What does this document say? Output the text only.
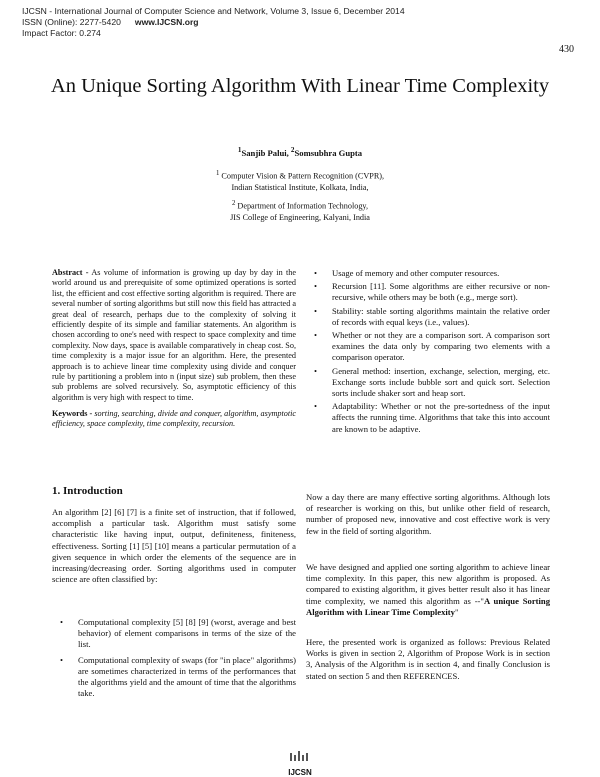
IJCSN - International Journal of Computer Science and Network, Volume 3, Issue 6, December 2014
ISSN (Online): 2277-5420 www.IJCSN.org
Impact Factor: 0.274
430
An Unique Sorting Algorithm With Linear Time Complexity
$^1$Sanjib Palui, $^2$Somsubhra Gupta
$^1$ Computer Vision & Pattern Recognition (CVPR),
Indian Statistical Institute, Kolkata, India,
$^2$ Department of Information Technology,
JIS College of Engineering, Kalyani, India
Abstract - As volume of information is growing up day by day in the world around us and prerequisite of some optimized operations is sorted list, the efficient and cost effective sorting algorithm is required. There are several number of sorting algorithms but still now this field has attracted a great deal of research, perhaps due to the complexity of solving it efficiently despite of its simple and familiar statements. An algorithm is chosen according to one's need with respect to space complexity and time complexity. Now days, space is available comparatively in cheap cost. So, time complexity is a major issue for an algorithm. Here, the presented approach is to achieve linear time complexity using divide and conquer rule by partitioning a problem into n (input size) sub problem, then these sub problems are solved recursively. So, asymptotic efficiency of this algorithm is very high with respect to time.
Keywords - sorting, searching, divide and conquer, algorithm, asymptotic efficiency, space complexity, time complexity, recursion.
1. Introduction
An algorithm [2] [6] [7] is a finite set of instruction, that if followed, accomplish a particular task. Algorithm must satisfy some characteristic like having input, output, definiteness, finiteness, effectiveness. Sorting [1] [5] [10] means a particular permutation of a given sequence in which order the elements of the sequence are in increasing/decreasing order. Sorting algorithms used in computer science are often classified by:
• Computational complexity [5] [8] [9] (worst, average and best behavior) of element comparisons in terms of the size of the list.
• Computational complexity of swaps (for "in place" algorithms) are sometimes characterized in terms of the performances that the algorithms yield and the amount of time that the algorithms take.
• Usage of memory and other computer resources.
• Recursion [11]. Some algorithms are either recursive or non-recursive, while others may be both (e.g., merge sort).
• Stability: stable sorting algorithms maintain the relative order of records with equal keys (i.e., values).
• Whether or not they are a comparison sort. A comparison sort examines the data only by comparing two elements with a comparison operator.
• General method: insertion, exchange, selection, merging, etc. Exchange sorts include bubble sort and quick sort. Selection sorts include shaker sort and heap sort.
• Adaptability: Whether or not the pre-sortedness of the input affects the running time. Algorithms that take this into account are known to be adaptive.
Now a day there are many effective sorting algorithms. Although lots of researcher is working on this, but unlike other field of research, number of proposed new, innovative and cost effective work is very few in the field of sorting algorithm.
We have designed and applied one sorting algorithm to achieve linear time complexity. In this paper, this new algorithm is proposed. As compared to existing algorithm, it gives better result also it has linear time complexity, we named this algorithm as --"A unique Sorting Algorithm with Linear Time Complexity"
Here, the presented work is organized as follows: Previous Related Works is given in section 2, Algorithm of Propose Work is in section 3, Analysis of the Algorithm is in section 4, and finally Conclusion is stated on section 5 and then REFERENCES.
IJCSN
